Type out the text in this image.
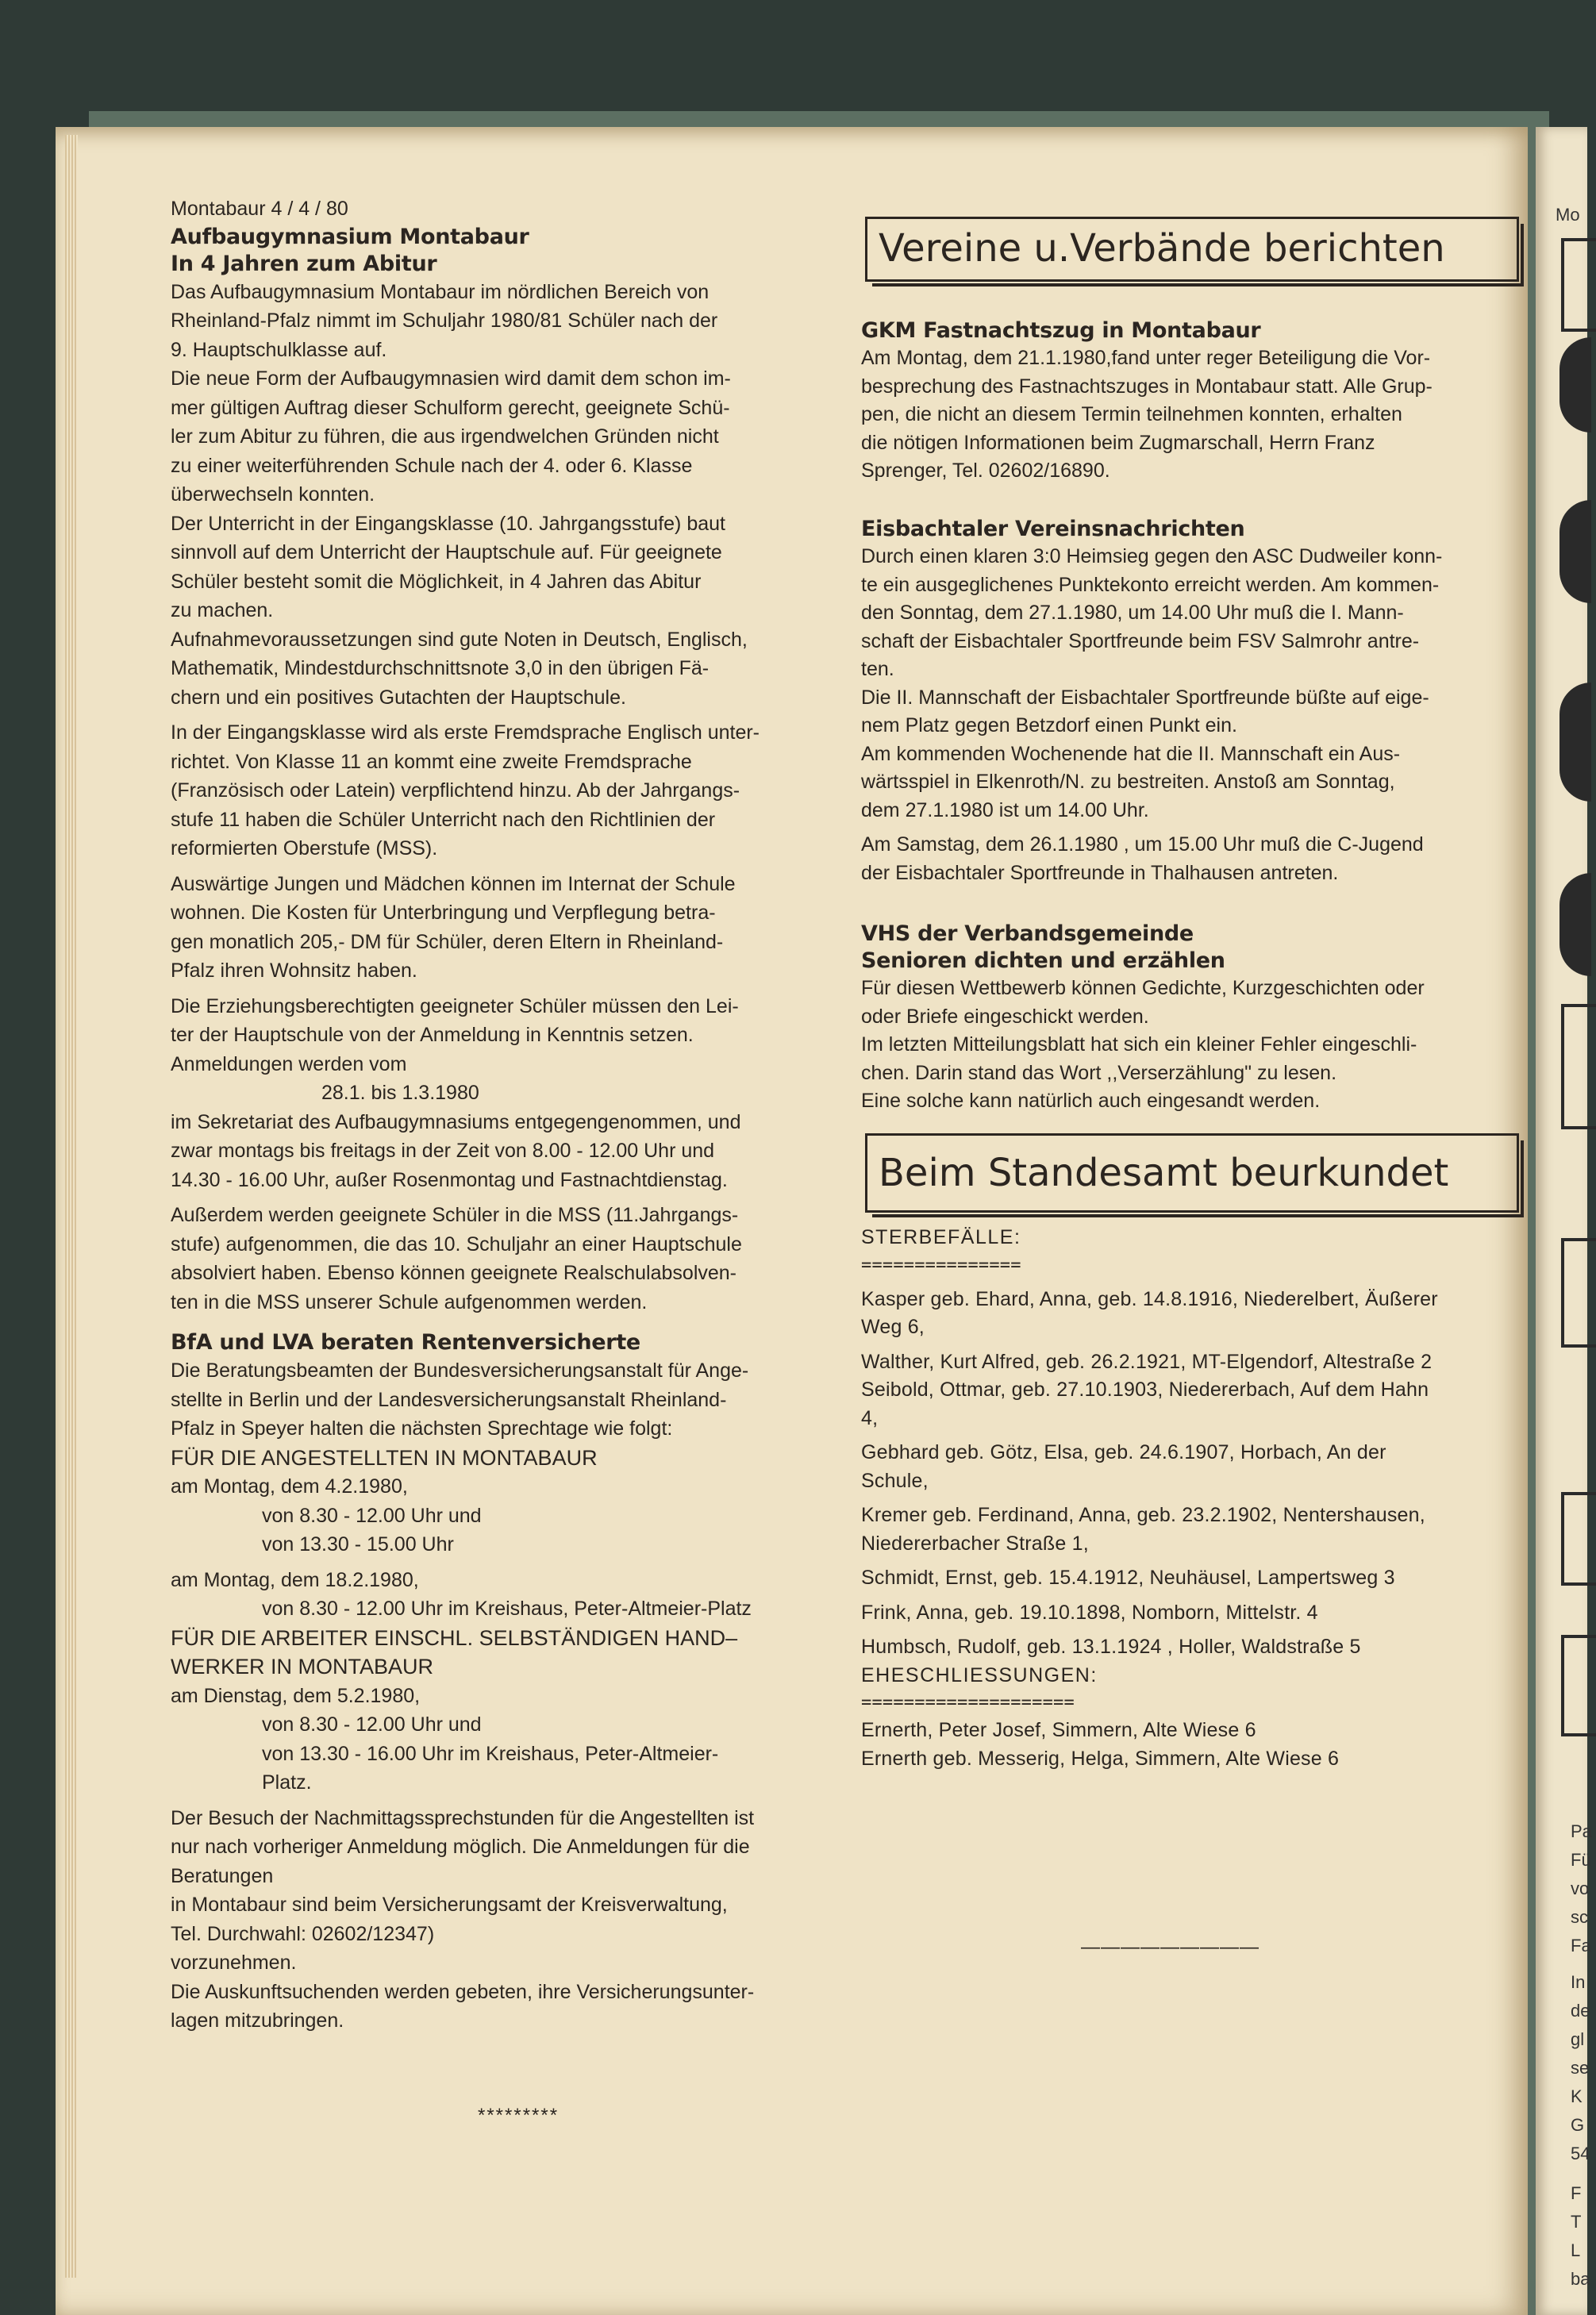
Mo
Pa
Fü
vo
sc
Fa
In
de
gl
se
K
G
54
F
T
L
ba
Montabaur 4 / 4 / 80
Aufbaugymnasium Montabaur
In 4 Jahren zum Abitur
Das Aufbaugymnasium Montabaur im nördlichen Bereich von
Rheinland-Pfalz nimmt im Schuljahr 1980/81 Schüler nach der
9. Hauptschulklasse auf.
Die neue Form der Aufbaugymnasien wird damit dem schon im-
mer gültigen Auftrag dieser Schulform gerecht, geeignete Schü-
ler zum Abitur zu führen, die aus irgendwelchen Gründen nicht
zu einer weiterführenden Schule nach der 4. oder 6. Klasse
überwechseln konnten.
Der Unterricht in der Eingangsklasse (10. Jahrgangsstufe) baut
sinnvoll auf dem Unterricht der Hauptschule auf. Für geeignete
Schüler besteht somit die Möglichkeit, in 4 Jahren das Abitur
zu machen.
Aufnahmevoraussetzungen sind gute Noten in Deutsch, Englisch,
Mathematik, Mindestdurchschnittsnote 3,0 in den übrigen Fä-
chern und ein positives Gutachten der Hauptschule.
In der Eingangsklasse wird als erste Fremdsprache Englisch unter-
richtet. Von Klasse 11 an kommt eine zweite Fremdsprache
(Französisch oder Latein) verpflichtend hinzu. Ab der Jahrgangs-
stufe 11 haben die Schüler Unterricht nach den Richtlinien der
reformierten Oberstufe (MSS).
Auswärtige Jungen und Mädchen können im Internat der Schule
wohnen. Die Kosten für Unterbringung und Verpflegung betra-
gen monatlich 205,- DM für Schüler, deren Eltern in Rheinland-
Pfalz ihren Wohnsitz haben.
Die Erziehungsberechtigten geeigneter Schüler müssen den Lei-
ter der Hauptschule von der Anmeldung in Kenntnis setzen.
Anmeldungen werden vom
28.1. bis 1.3.1980
im Sekretariat des Aufbaugymnasiums entgegengenommen, und
zwar montags bis freitags in der Zeit von 8.00 - 12.00 Uhr und
14.30 - 16.00 Uhr, außer Rosenmontag und Fastnachtdienstag.
Außerdem werden geeignete Schüler in die MSS (11.Jahrgangs-
stufe) aufgenommen, die das 10. Schuljahr an einer Hauptschule
absolviert haben. Ebenso können geeignete Realschulabsolven-
ten in die MSS unserer Schule aufgenommen werden.
BfA und LVA beraten Rentenversicherte
Die Beratungsbeamten der Bundesversicherungsanstalt für Ange-
stellte in Berlin und der Landesversicherungsanstalt Rheinland-
Pfalz in Speyer halten die nächsten Sprechtage wie folgt:
FÜR DIE ANGESTELLTEN IN MONTABAUR
am Montag, dem 4.2.1980,
von 8.30 - 12.00 Uhr und
von 13.30 - 15.00 Uhr
am Montag, dem 18.2.1980,
von 8.30 - 12.00 Uhr im Kreishaus, Peter-Altmeier-Platz
FÜR DIE ARBEITER EINSCHL. SELBSTÄNDIGEN HAND–
WERKER IN MONTABAUR
am Dienstag, dem 5.2.1980,
von 8.30 - 12.00 Uhr und
von 13.30 - 16.00 Uhr im Kreishaus, Peter-Altmeier-
Platz.
Der Besuch der Nachmittagssprechstunden für die Angestellten ist
nur nach vorheriger Anmeldung möglich. Die Anmeldungen für die
Beratungen
in Montabaur sind beim Versicherungsamt der Kreisverwaltung,
Tel. Durchwahl: 02602/12347)
vorzunehmen.
Die Auskunftsuchenden werden gebeten, ihre Versicherungsunter-
lagen mitzubringen.
*********
Vereine u.Verbände berichten
GKM Fastnachtszug in Montabaur
Am Montag, dem 21.1.1980,fand unter reger Beteiligung die Vor-
besprechung des Fastnachtszuges in Montabaur statt. Alle Grup-
pen, die nicht an diesem Termin teilnehmen konnten, erhalten
die nötigen Informationen beim Zugmarschall, Herrn Franz
Sprenger, Tel. 02602/16890.
Eisbachtaler Vereinsnachrichten
Durch einen klaren 3:0 Heimsieg gegen den ASC Dudweiler konn-
te ein ausgeglichenes Punktekonto erreicht werden. Am kommen-
den Sonntag, dem 27.1.1980, um 14.00 Uhr muß die I. Mann-
schaft der Eisbachtaler Sportfreunde beim FSV Salmrohr antre-
ten.
Die II. Mannschaft der Eisbachtaler Sportfreunde büßte auf eige-
nem Platz gegen Betzdorf einen Punkt ein.
Am kommenden Wochenende hat die II. Mannschaft ein Aus-
wärtsspiel in Elkenroth/N. zu bestreiten. Anstoß am Sonntag,
dem 27.1.1980 ist um 14.00 Uhr.
Am Samstag, dem 26.1.1980 , um 15.00 Uhr muß die C-Jugend
der Eisbachtaler Sportfreunde in Thalhausen antreten.
VHS der Verbandsgemeinde
Senioren dichten und erzählen
Für diesen Wettbewerb können Gedichte, Kurzgeschichten oder
oder Briefe eingeschickt werden.
Im letzten Mitteilungsblatt hat sich ein kleiner Fehler eingeschli-
chen. Darin stand das Wort ,,Verserzählung" zu lesen.
Eine solche kann natürlich auch eingesandt werden.
Beim Standesamt beurkundet
STERBEFÄLLE:
===============
Kasper geb. Ehard, Anna, geb. 14.8.1916, Niederelbert, Äußerer
Weg 6,
Walther, Kurt Alfred, geb. 26.2.1921, MT-Elgendorf, Altestraße 2
Seibold, Ottmar, geb. 27.10.1903, Niedererbach, Auf dem Hahn
4,
Gebhard geb. Götz, Elsa, geb. 24.6.1907, Horbach, An der
Schule,
Kremer geb. Ferdinand, Anna, geb. 23.2.1902, Nentershausen,
Niedererbacher Straße 1,
Schmidt, Ernst, geb. 15.4.1912, Neuhäusel, Lampertsweg 3
Frink, Anna, geb. 19.10.1898, Nomborn, Mittelstr. 4
Humbsch, Rudolf, geb. 13.1.1924 , Holler, Waldstraße 5
EHESCHLIESSUNGEN:
====================
Ernerth, Peter Josef, Simmern, Alte Wiese 6
Ernerth geb. Messerig, Helga, Simmern, Alte Wiese 6
—————————
